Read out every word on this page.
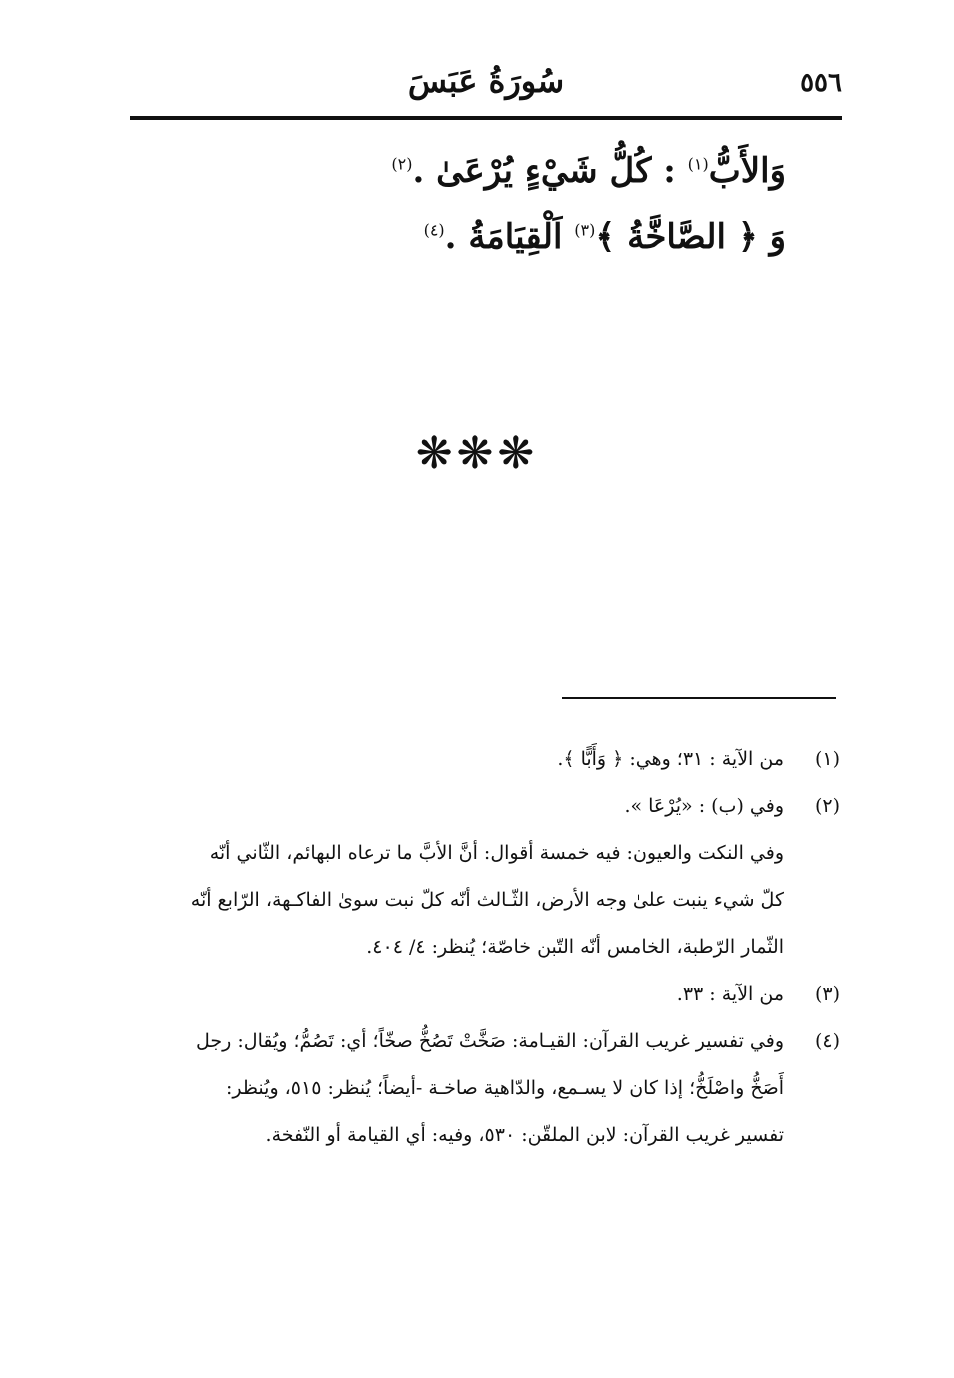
٥٥٦
سُورَةُ عَبَسَ
وَالأَبُّ$^{(١)}$ : كُلُّ شَيْءٍ يُرْعَىٰ .$^{(٢)}$
وَ ﴿ الصَّاخَّةُ ﴾$^{(٣)}$ اَلْقِيَامَةُ .$^{(٤)}$
❋❋❋
(١)
من الآية : ٣١؛ وهي: ﴿ وَأَبًّا ﴾.
(٢)
وفي (ب) : «يُرْعَا ».
وفي النكت والعيون: فيه خمسة أقوال: أنَّ الأبَّ ما ترعاه البهائم، الثّاني أنّه
كلّ شيء ينبت علىٰ وجه الأرض، الثّـالث أنّه كلّ نبت سوىٰ الفاكـهة، الرّابع أنّه
الثّمار الرّطبة، الخامس أنّه التّبن خاصّة؛ يُنظر: ٤/ ٤٠٤.
(٣)
من الآية : ٣٣.
(٤)
وفي تفسير غريب القرآن: القيـامة: صَخَّتْ تَصُخُّ صخّاً؛ أي: تَصُمُّ؛ ويُقال: رجل
أَصَخُّ واصْلَخُّ؛ إذا كان لا يسـمع، والدّاهية صاخـة -أيضاً؛ يُنظر: ٥١٥، ويُنظر:
تفسير غريب القرآن: لابن الملقّن: ٥٣٠، وفيه: أي القيامة أو النّفخة.
